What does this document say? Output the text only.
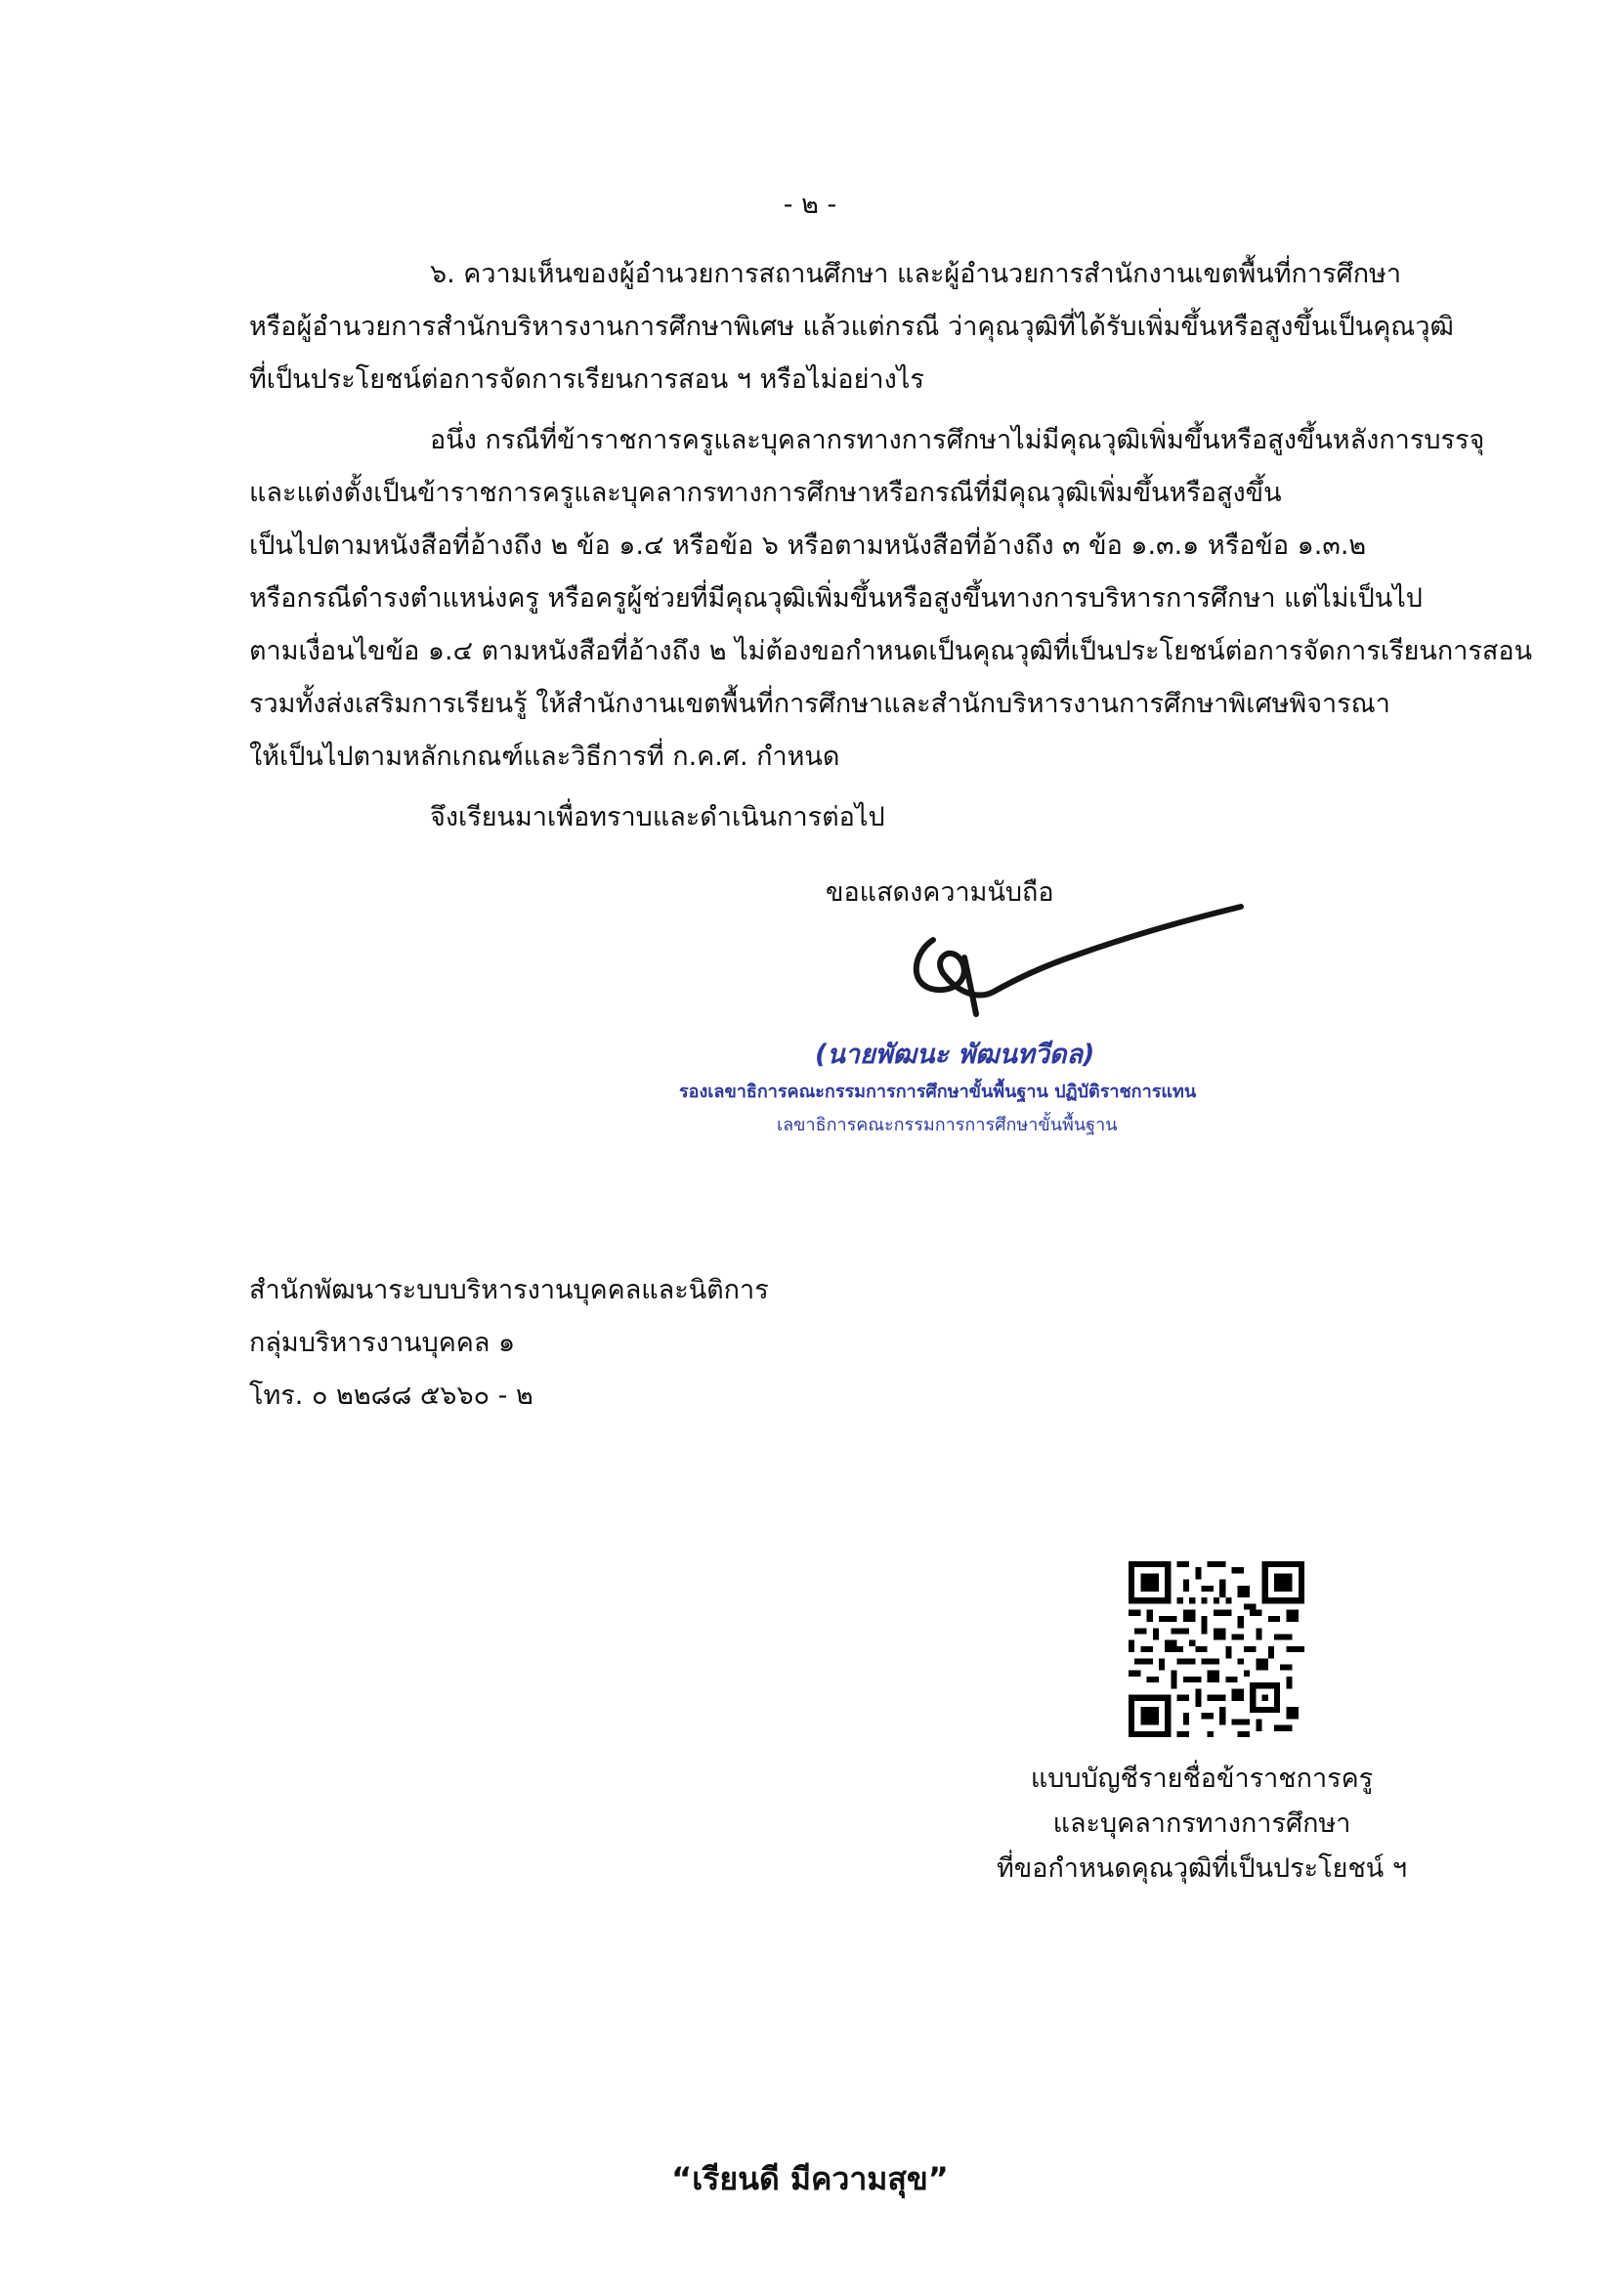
- ๒ -
๖. ความเห็นของผู้อำนวยการสถานศึกษา และผู้อำนวยการสำนักงานเขตพื้นที่การศึกษา
หรือผู้อำนวยการสำนักบริหารงานการศึกษาพิเศษ แล้วแต่กรณี ว่าคุณวุฒิที่ได้รับเพิ่มขึ้นหรือสูงขึ้นเป็นคุณวุฒิ
ที่เป็นประโยชน์ต่อการจัดการเรียนการสอน ฯ หรือไม่อย่างไร
อนึ่ง กรณีที่ข้าราชการครูและบุคลากรทางการศึกษาไม่มีคุณวุฒิเพิ่มขึ้นหรือสูงขึ้นหลังการบรรจุ
และแต่งตั้งเป็นข้าราชการครูและบุคลากรทางการศึกษาหรือกรณีที่มีคุณวุฒิเพิ่มขึ้นหรือสูงขึ้น
เป็นไปตามหนังสือที่อ้างถึง ๒ ข้อ ๑.๔ หรือข้อ ๖ หรือตามหนังสือที่อ้างถึง ๓ ข้อ ๑.๓.๑ หรือข้อ ๑.๓.๒
หรือกรณีดำรงตำแหน่งครู หรือครูผู้ช่วยที่มีคุณวุฒิเพิ่มขึ้นหรือสูงขึ้นทางการบริหารการศึกษา แต่ไม่เป็นไป
ตามเงื่อนไขข้อ ๑.๔ ตามหนังสือที่อ้างถึง ๒ ไม่ต้องขอกำหนดเป็นคุณวุฒิที่เป็นประโยชน์ต่อการจัดการเรียนการสอน
รวมทั้งส่งเสริมการเรียนรู้ ให้สำนักงานเขตพื้นที่การศึกษาและสำนักบริหารงานการศึกษาพิเศษพิจารณา
ให้เป็นไปตามหลักเกณฑ์และวิธีการที่ ก.ค.ศ. กำหนด
จึงเรียนมาเพื่อทราบและดำเนินการต่อไป
ขอแสดงความนับถือ
(นายพัฒนะ พัฒนทวีดล)
รองเลขาธิการคณะกรรมการการศึกษาขั้นพื้นฐาน ปฏิบัติราชการแทน
เลขาธิการคณะกรรมการการศึกษาขั้นพื้นฐาน
สำนักพัฒนาระบบบริหารงานบุคคลและนิติการ
กลุ่มบริหารงานบุคคล ๑
โทร. ๐ ๒๒๘๘ ๕๖๖๐ - ๒
แบบบัญชีรายชื่อข้าราชการครู
และบุคลากรทางการศึกษา
ที่ขอกำหนดคุณวุฒิที่เป็นประโยชน์ ฯ
“เรียนดี มีความสุข”
